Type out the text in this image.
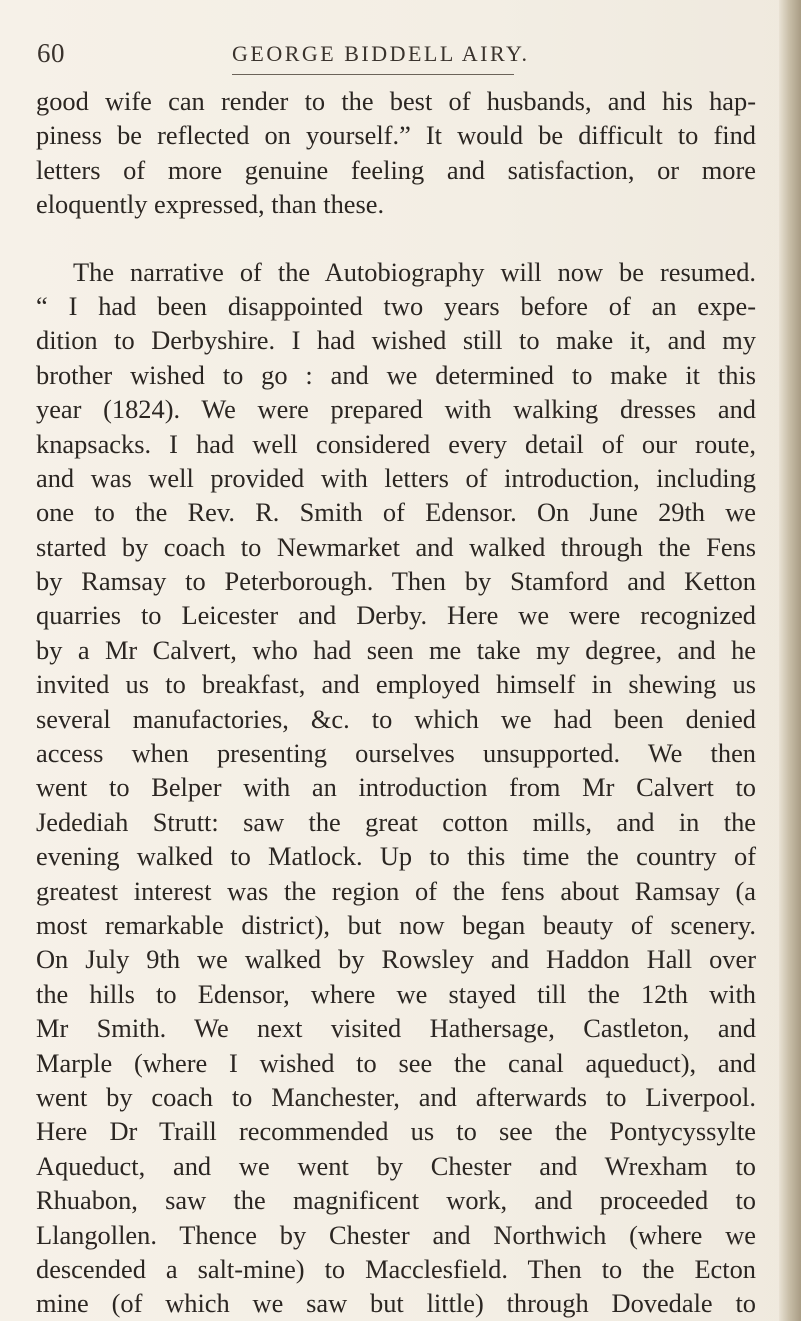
60	GEORGE BIDDELL AIRY.
good wife can render to the best of husbands, and his hap-
piness be reflected on yourself.” It would be difficult to find
letters of more genuine feeling and satisfaction, or more
eloquently expressed, than these.
The narrative of the Autobiography will now be resumed.
“ I had been disappointed two years before of an expe-
dition to Derbyshire. I had wished still to make it, and my
brother wished to go : and we determined to make it this
year (1824). We were prepared with walking dresses and
knapsacks. I had well considered every detail of our route,
and was well provided with letters of introduction, including
one to the Rev. R. Smith of Edensor. On June 29th we
started by coach to Newmarket and walked through the Fens
by Ramsay to Peterborough. Then by Stamford and Ketton
quarries to Leicester and Derby. Here we were recognized
by a Mr Calvert, who had seen me take my degree, and he
invited us to breakfast, and employed himself in shewing us
several manufactories, &c. to which we had been denied
access when presenting ourselves unsupported. We then
went to Belper with an introduction from Mr Calvert to
Jedediah Strutt: saw the great cotton mills, and in the
evening walked to Matlock. Up to this time the country of
greatest interest was the region of the fens about Ramsay (a
most remarkable district), but now began beauty of scenery.
On July 9th we walked by Rowsley and Haddon Hall over
the hills to Edensor, where we stayed till the 12th with
Mr Smith. We next visited Hathersage, Castleton, and
Marple (where I wished to see the canal aqueduct), and
went by coach to Manchester, and afterwards to Liverpool.
Here Dr Traill recommended us to see the Pontycyssylte
Aqueduct, and we went by Chester and Wrexham to
Rhuabon, saw the magnificent work, and proceeded to
Llangollen. Thence by Chester and Northwich (where we
descended a salt-mine) to Macclesfield. Then to the Ecton
mine (of which we saw but little) through Dovedale to
